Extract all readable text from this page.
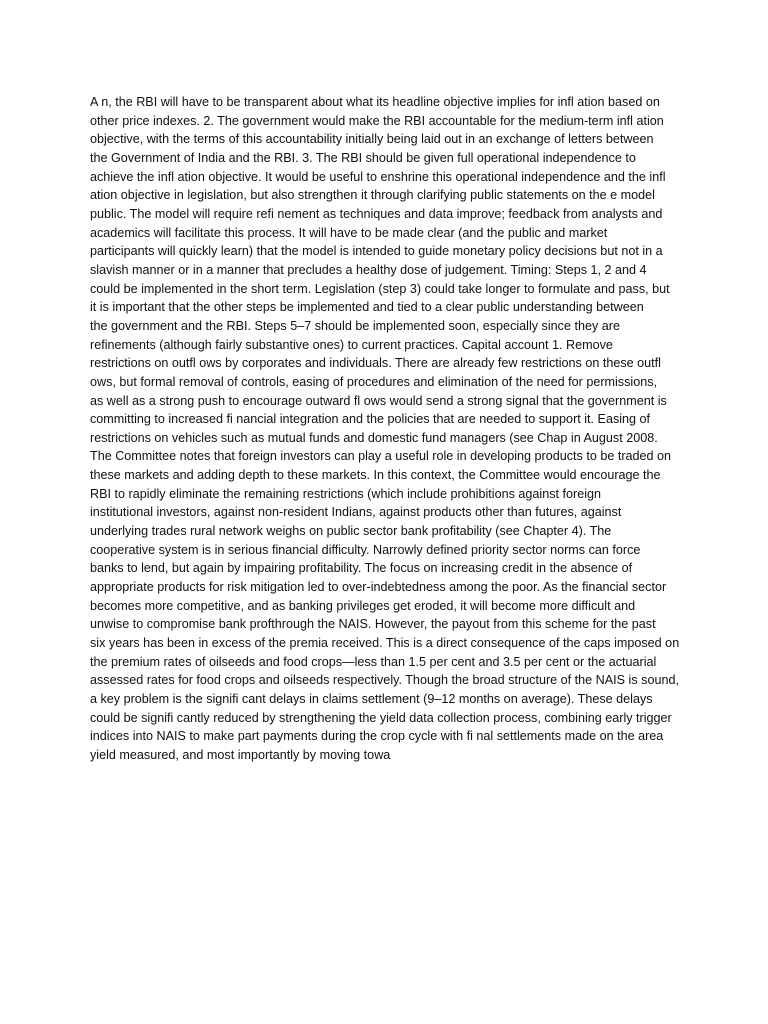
A n, the RBI will have to be transparent about what its headline objective implies for infl ation based on
other price indexes. 2. The government would make the RBI accountable for the medium-term infl ation
objective, with the terms of this accountability initially being laid out in an exchange of letters between
the Government of India and the RBI. 3. The RBI should be given full operational independence to
achieve the infl ation objective. It would be useful to enshrine this operational independence and the infl
ation objective in legislation, but also strengthen it through clarifying public statements on the e model
public. The model will require refi nement as techniques and data improve; feedback from analysts and
academics will facilitate this process. It will have to be made clear (and the public and market
participants will quickly learn) that the model is intended to guide monetary policy decisions but not in a
slavish manner or in a manner that precludes a healthy dose of judgement. Timing: Steps 1, 2 and 4
could be implemented in the short term. Legislation (step 3) could take longer to formulate and pass, but
it is important that the other steps be implemented and tied to a clear public understanding between
the government and the RBI. Steps 5–7 should be implemented soon, especially since they are
refinements (although fairly substantive ones) to current practices. Capital account 1. Remove
restrictions on outfl ows by corporates and individuals. There are already few restrictions on these outfl
ows, but formal removal of controls, easing of procedures and elimination of the need for permissions,
as well as a strong push to encourage outward fl ows would send a strong signal that the government is
committing to increased fi nancial integration and the policies that are needed to support it. Easing of
restrictions on vehicles such as mutual funds and domestic fund managers (see Chap in August 2008.
The Committee notes that foreign investors can play a useful role in developing products to be traded on
these markets and adding depth to these markets. In this context, the Committee would encourage the
RBI to rapidly eliminate the remaining restrictions (which include prohibitions against foreign
institutional investors, against non-resident Indians, against products other than futures, against
underlying trades rural network weighs on public sector bank profitability (see Chapter 4). The
cooperative system is in serious financial difficulty. Narrowly defined priority sector norms can force
banks to lend, but again by impairing profitability. The focus on increasing credit in the absence of
appropriate products for risk mitigation led to over-indebtedness among the poor. As the financial sector
becomes more competitive, and as banking privileges get eroded, it will become more difficult and
unwise to compromise bank profthrough the NAIS. However, the payout from this scheme for the past
six years has been in excess of the premia received. This is a direct consequence of the caps imposed on
the premium rates of oilseeds and food crops—less than 1.5 per cent and 3.5 per cent or the actuarial
assessed rates for food crops and oilseeds respectively. Though the broad structure of the NAIS is sound,
a key problem is the signifi cant delays in claims settlement (9–12 months on average). These delays
could be signifi cantly reduced by strengthening the yield data collection process, combining early trigger
indices into NAIS to make part payments during the crop cycle with fi nal settlements made on the area
yield measured, and most importantly by moving towa
